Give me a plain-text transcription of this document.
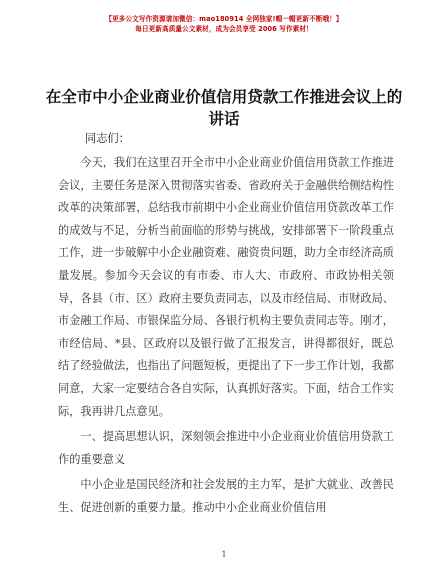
【更多公文写作资源请加微信：mao180914 全网独家!帽一帽更新不断哦！】
每日更新高质量公文素材，成为会员享受 2006 写作素材！
在全市中小企业商业价值信用贷款工作推进会议上的讲话
同志们：

今天，我们在这里召开全市中小企业商业价值信用贷款工作推进会议，主要任务是深入贯彻落实省委、省政府关于金融供给侧结构性改革的决策部署，总结我市前期中小企业商业价值信用贷款改革工作的成效与不足，分析当前面临的形势与挑战，安排部署下一阶段重点工作，进一步破解中小企业融资难、融资贵问题，助力全市经济高质量发展。参加今天会议的有市委、市人大、市政府、市政协相关领导，各县（市、区）政府主要负责同志，以及市经信局、市财政局、市金融工作局、市银保监分局、各银行机构主要负责同志等。刚才，市经信局、*县、区政府以及银行做了汇报发言，讲得都很好，既总结了经验做法，也指出了问题短板，更提出了下一步工作计划，我都同意，大家一定要结合各自实际，认真抓好落实。下面，结合工作实际，我再讲几点意见。

一、提高思想认识，深刻领会推进中小企业商业价值信用贷款工作的重要意义

中小企业是国民经济和社会发展的主力军，是扩大就业、改善民生、促进创新的重要力量。推动中小企业商业价值信用

1
